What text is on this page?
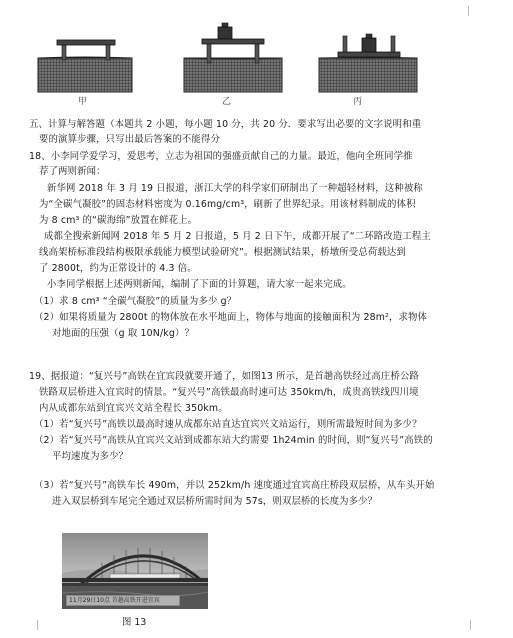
甲	乙	丙
五、计算与解答题（本题共 2 小题，每小题 10 分，共 20 分．要求写出必要的文字说明和重
要的演算步骤，只写出最后答案的不能得分
18、小李同学爱学习，爱思考，立志为祖国的强盛贡献自己的力量。最近，他向全班同学推
荐了两则新闻：
新华网 2018 年 3 月 19 日报道，浙江大学的科学家们研制出了一种超轻材料，这种被称
为“全碳气凝胶”的固态材料密度为 0.16mg/cm³，刷新了世界纪录。用该材料制成的体积
为 8 cm³ 的“碳海绵”放置在鲜花上。
成都全搜索新闻网 2018 年 5 月 2 日报道，5 月 2 日下午，成都开展了“二环路改造工程主
线高架桥标准段结构极限承载能力模型试验研究”。根据测试结果，桥墩所受总荷载达到
了 2800t，约为正常设计的 4.3 倍。
小李同学根据上述两则新闻，编制了下面的计算题，请大家一起来完成。
（1）求 8 cm³ “全碳气凝胶”的质量为多少 g？
（2）如果将质量为 2800t 的物体放在水平地面上，物体与地面的接触面积为 28m²，求物体
对地面的压强（g 取 10N/kg）？
19、据报道：“复兴号”高铁在宜宾段就要开通了，如图13 所示，是首趟高铁经过高庄桥公路
铁路双层桥进入宜宾时的情景。“复兴号”高铁最高时速可达 350km/h，成贵高铁线四川境
内从成都东站到宜宾兴文站全程长 350km。
（1）若“复兴号”高铁以最高时速从成都东站直达宜宾兴文站运行，则所需最短时间为多少？
（2）若“复兴号”高铁从宜宾兴文站到成都东站大约需要 1h24min 的时间，则“复兴号”高铁的
平均速度为多少？
（3）若“复兴号”高铁车长 490m，并以 252km/h 速度通过宜宾高庄桥段双层桥，从车头开始
进入双层桥到车尾完全通过双层桥所需时间为 57s，则双层桥的长度为多少？
11月29日10点 首趟高铁开进宜宾
图 13
